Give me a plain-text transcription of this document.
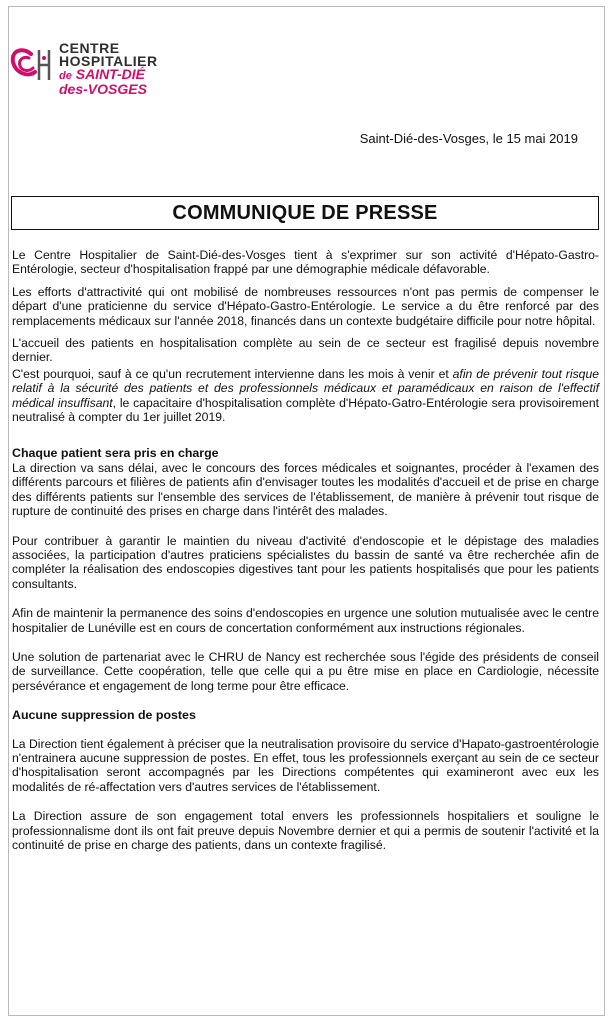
CENTRE
HOSPITALIER
de SAINT-DIÉ
des-VOSGES
Saint-Dié-des-Vosges, le 15 mai 2019
COMMUNIQUE DE PRESSE

Le Centre Hospitalier de Saint-Dié-des-Vosges tient à s'exprimer sur son activité d'Hépato-Gastro-Entérologie, secteur d'hospitalisation frappé par une démographie médicale défavorable.

Les efforts d'attractivité qui ont mobilisé de nombreuses ressources n'ont pas permis de compenser le départ d'une praticienne du service d'Hépato-Gastro-Entérologie. Le service a du être renforcé par des remplacements médicaux sur l'année 2018, financés dans un contexte budgétaire difficile pour notre hôpital.

L'accueil des patients en hospitalisation complète au sein de ce secteur est fragilisé depuis novembre dernier.

C'est pourquoi, sauf à ce qu'un recrutement intervienne dans les mois à venir et afin de prévenir tout risque relatif à la sécurité des patients et des professionnels médicaux et paramédicaux en raison de l'effectif médical insuffisant, le capacitaire d'hospitalisation complète d'Hépato-Gatro-Entérologie sera provisoirement neutralisé à compter du 1er juillet 2019.

Chaque patient sera pris en charge

La direction va sans délai, avec le concours des forces médicales et soignantes, procéder à l'examen des différents parcours et filières de patients afin d'envisager toutes les modalités d'accueil et de prise en charge des différents patients sur l'ensemble des services de l'établissement, de manière à prévenir tout risque de rupture de continuité des prises en charge dans l'intérêt des malades.

Pour contribuer à garantir le maintien du niveau d'activité d'endoscopie et le dépistage des maladies associées, la participation d'autres praticiens spécialistes du bassin de santé va être recherchée afin de compléter la réalisation des endoscopies digestives tant pour les patients hospitalisés que pour les patients consultants.

Afin de maintenir la permanence des soins d'endoscopies en urgence une solution mutualisée avec le centre hospitalier de Lunéville est en cours de concertation conformément aux instructions régionales.

Une solution de partenariat avec le CHRU de Nancy est recherchée sous l'égide des présidents de conseil de surveillance. Cette coopération, telle que celle qui a pu être mise en place en Cardiologie, nécessite persévérance et engagement de long terme pour être efficace.

Aucune suppression de postes

La Direction tient également à préciser que la neutralisation provisoire du service d'Hapato-gastroentérologie n'entrainera aucune suppression de postes. En effet, tous les professionnels exerçant au sein de ce secteur d'hospitalisation seront accompagnés par les Directions compétentes qui examineront avec eux les modalités de ré-affectation vers d'autres services de l'établissement.

La Direction assure de son engagement total envers les professionnels hospitaliers et souligne le professionnalisme dont ils ont fait preuve depuis Novembre dernier et qui a permis de soutenir l'activité et la continuité de prise en charge des patients, dans un contexte fragilisé.
